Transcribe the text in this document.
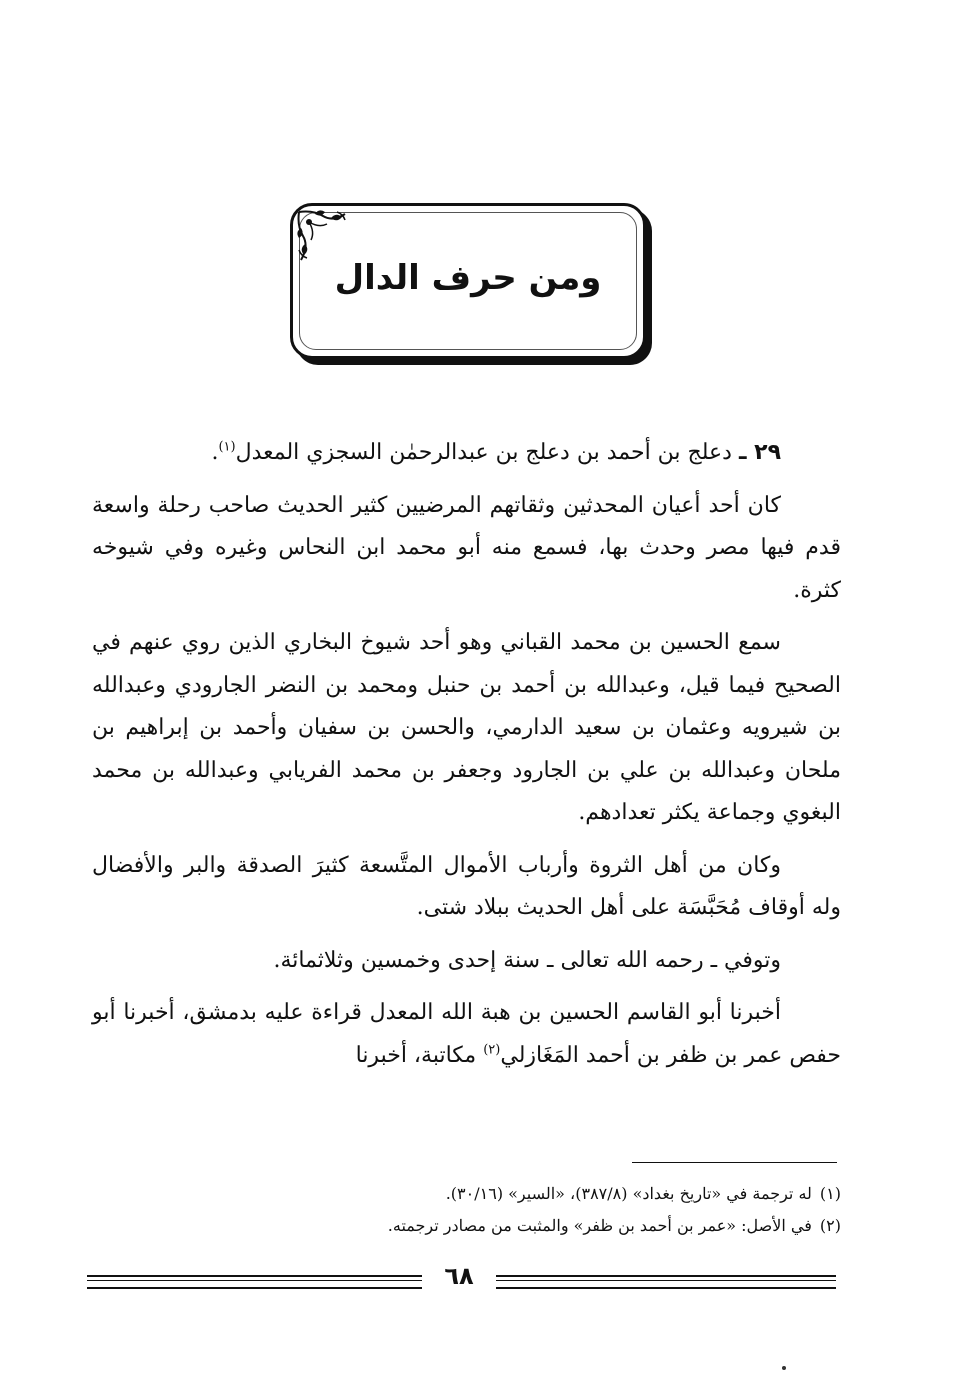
ومن حرف الدال

٢٩ ـ دعلج بن أحمد بن دعلج بن عبدالرحمٰن السجزي المعدل$^{(١)}$.

كان أحد أعيان المحدثين وثقاتهم المرضيين كثير الحديث صاحب رحلة واسعة قدم فيها مصر وحدث بها، فسمع منه أبو محمد ابن النحاس وغيره وفي شيوخه كثرة.

سمع الحسين بن محمد القباني وهو أحد شيوخ البخاري الذين روي عنهم في الصحيح فيما قيل، وعبدالله بن أحمد بن حنبل ومحمد بن النضر الجارودي وعبدالله بن شيرويه وعثمان بن سعيد الدارمي، والحسن بن سفيان وأحمد بن إبراهيم بن ملحان وعبدالله بن علي بن الجارود وجعفر بن محمد الفريابي وعبدالله بن محمد البغوي وجماعة يكثر تعدادهم.

وكان من أهل الثروة وأرباب الأموال المتَّسعة كثيرَ الصدقة والبر والأفضال وله أوقاف مُحَبَّسَة على أهل الحديث ببلاد شتى.

وتوفي ـ رحمه الله تعالى ـ سنة إحدى وخمسين وثلاثمائة.

أخبرنا أبو القاسم الحسين بن هبة الله المعدل قراءة عليه بدمشق، أخبرنا أبو حفص عمر بن ظفر بن أحمد المَغَازلي$^{(٢)}$ مكاتبة، أخبرنا

(١)له ترجمة في «تاريخ بغداد» (٣٨٧/٨)، «السير» (٣٠/١٦).

(٢)في الأصل: «عمر بن أحمد بن ظفر» والمثبت من مصادر ترجمته.

٦٨
